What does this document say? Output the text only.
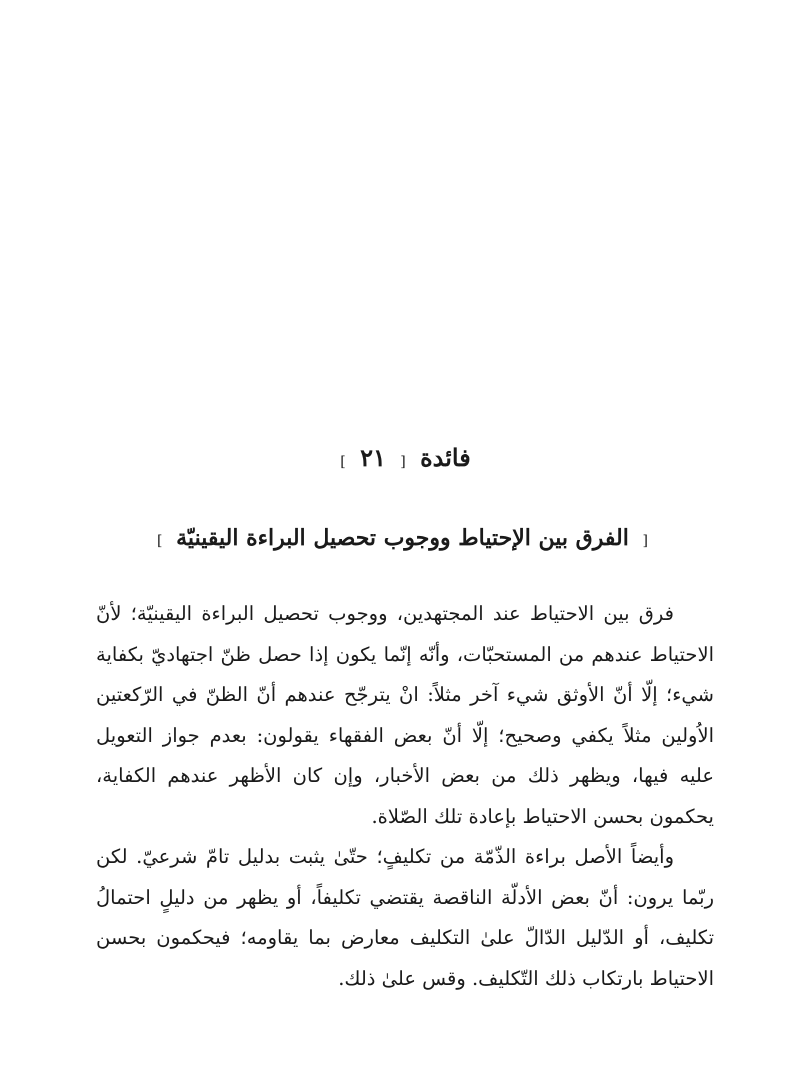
فائدة [ ٢١ ]
[ الفرق بين الإحتياط ووجوب تحصيل البراءة اليقينيّة ]

فرق بين الاحتياط عند المجتهدين، ووجوب تحصيل البراءة اليقينيّة؛ لأنّ الاحتياط عندهم من المستحبّات، وأنّه إنّما يكون إذا حصل ظنّ اجتهاديّ بكفاية شيء؛ إلّا أنّ الأوثق شيء آخر مثلاً: انْ يترجّح عندهم أنّ الظنّ في الرّكعتين الاُولين مثلاً يكفي وصحيح؛ إلّا أنّ بعض الفقهاء يقولون: بعدم جواز التعويل عليه فيها، ويظهر ذلك من بعض الأخبار، وإن كان الأظهر عندهم الكفاية، يحكمون بحسن الاحتياط بإعادة تلك الصّلاة.

وأيضاً الأصل براءة الذّمّة من تكليفٍ؛ حتّىٰ يثبت بدليل تامّ شرعيّ. لكن ربّما يرون: أنّ بعض الأدلّة الناقصة يقتضي تكليفاً، أو يظهر من دليلٍ احتمالُ تكليف، أو الدّليل الدّالّ علىٰ التكليف معارض بما يقاومه؛ فيحكمون بحسن الاحتياط بارتكاب ذلك التّكليف. وقس علىٰ ذلك.
